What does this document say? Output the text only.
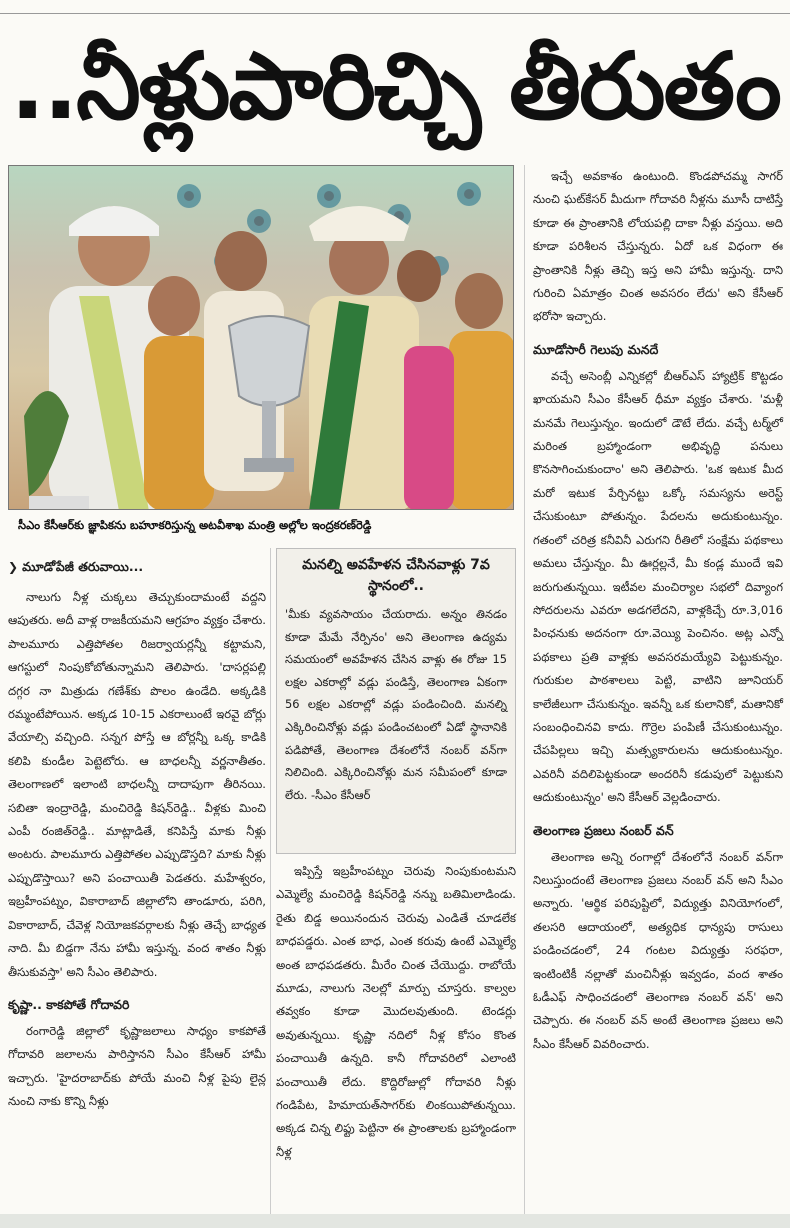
..నీళ్లుపారిచ్చి తీరుతం
సీఎం కేసీఆర్‌కు జ్ఞాపికను బహూకరిస్తున్న అటవీశాఖ మంత్రి అల్లోల ఇంద్రకరణ్‌రెడ్డి
❯ మూడోపేజీ తరువాయి...

నాలుగు నీళ్ల చుక్కలు తెచ్చుకుందామంటే వద్దని ఆపుతరు. అదీ వాళ్ల రాజకీయమని ఆగ్రహం వ్యక్తం చేశారు. పాలమూరు ఎత్తిపోతల రిజర్వాయర్లన్నీ కట్టామని, ఆగస్టులో నింపుకోబోతున్నామని తెలిపారు. 'దాసర్లపల్లి దగ్గర నా మిత్రుడు గణేశ్‌కు పొలం ఉండేది. అక్కడికి రమ్మంటేపోయిన. అక్కడ 10-15 ఎకరాలుంటే ఇరవై బోర్లు వేయాల్సి వచ్చింది. సన్నగ పోస్తే ఆ బోర్లన్నీ ఒక్క కాడికి కలిపి కుండీల పెట్టెటోరు. ఆ బాధలన్నీ వర్ణనాతీతం. తెలంగాణలో ఇలాంటి బాధలన్నీ దాదాపుగా తీరినయి. సబితా ఇంద్రారెడ్డి, మంచిరెడ్డి కిషన్‌రెడ్డి.. వీళ్లకు మించి ఎంపీ రంజిత్‌రెడ్డి.. మాట్లాడితే, కనిపిస్తే మాకు నీళ్లు అంటరు. పాలమూరు ఎత్తిపోతల ఎప్పుడొస్తది? మాకు నీళ్లు ఎప్పుడొస్తాయి? అని పంచాయితీ పెడతరు. మహేశ్వరం, ఇబ్రహీంపట్నం, వికారాబాద్ జిల్లాలోని తాండూరు, పరిగి, వికారాబాద్, చేవెళ్ల నియోజకవర్గాలకు నీళ్లు తెచ్చే బాధ్యత నాది. మీ బిడ్డగా నేను హామీ ఇస్తున్న. వంద శాతం నీళ్లు తీసుకువస్తా' అని సీఎం తెలిపారు.

కృష్ణా.. కాకపోతే గోదావరి

రంగారెడ్డి జిల్లాలో కృష్ణాజలాలు సాధ్యం కాకపోతే గోదావరి జలాలను పారిస్తానని సీఎం కేసీఆర్ హామీ ఇచ్చారు. 'హైదరాబాద్‌కు పోయే మంచి నీళ్ల పైపు లైన్ల నుంచి నాకు కొన్ని నీళ్లు

మనల్ని అవహేళన చేసినవాళ్లు 7వ స్థానంలో..
'మీకు వ్యవసాయం చేయరాదు. అన్నం తినడం కూడా మేమే నేర్పినం' అని తెలంగాణ ఉద్యమ సమయంలో అవహేళన చేసిన వాళ్లు ఈ రోజు 15 లక్షల ఎకరాల్లో వడ్లు పండిస్తే, తెలంగాణ ఏకంగా 56 లక్షల ఎకరాల్లో వడ్లు పండించింది. మనల్ని ఎక్కిరించినోళ్లు వడ్లు పండించటంలో ఏడో స్థానానికి పడిపోతే, తెలంగాణ దేశంలోనే నంబర్ వన్‌గా నిలిచింది. ఎక్కిరించినోళ్లు మన సమీపంలో కూడా లేరు. -సీఎం కేసీఆర్

ఇప్పిస్తే ఇబ్రహీంపట్నం చెరువు నింపుకుంటమని ఎమ్మెల్యే మంచిరెడ్డి కిషన్‌రెడ్డి నన్ను బతిమిలాడిండు. రైతు బిడ్డ అయినందున చెరువు ఎండితే చూడలేక బాధపడ్డరు. ఎంత బాధ, ఎంత కరువు ఉంటే ఎమ్మెల్యే అంత బాధపడతరు. మీరేం చింత చేయొద్దు. రాబోయే మూడు, నాలుగు నెలల్లో మార్పు చూస్తరు. కాల్వల తవ్వకం కూడా మొదలవుతుంది. టెండర్లు అవుతున్నయి. కృష్ణా నదిలో నీళ్ల కోసం కొంత పంచాయితీ ఉన్నది. కానీ గోదావరిలో ఎలాంటి పంచాయితీ లేదు. కొద్దిరోజుల్లో గోదావరి నీళ్లు గండిపేట, హిమాయత్‌సాగర్‌కు లింకయిపోతున్నయి. అక్కడ చిన్న లిఫ్టు పెట్టినా ఈ ప్రాంతాలకు బ్రహ్మాండంగా నీళ్ల

ఇచ్చే అవకాశం ఉంటుంది. కొండపోచమ్మ సాగర్ నుంచి ఘట్‌కేసర్ మీదుగా గోదావరి నీళ్లను మూసీ దాటిస్తే కూడా ఈ ప్రాంతానికి లోయపల్లి దాకా నీళ్లు వస్తయి. అది కూడా పరిశీలన చేస్తున్నరు. ఏదో ఒక విధంగా ఈ ప్రాంతానికి నీళ్లు తెచ్చి ఇస్త అని హామీ ఇస్తున్న. దాని గురించి ఏమాత్రం చింత అవసరం లేదు' అని కేసీఆర్ భరోసా ఇచ్చారు.

మూడోసారీ గెలుపు మనదే

వచ్చే అసెంబ్లీ ఎన్నికల్లో బీఆర్‌ఎస్ హ్యాట్రిక్ కొట్టడం ఖాయమని సీఎం కేసీఆర్ ధీమా వ్యక్తం చేశారు. 'మళ్లీ మనమే గెలుస్తున్నం. ఇందులో డౌటే లేదు. వచ్చే టర్మ్‌లో మరింత బ్రహ్మాండంగా అభివృద్ధి పనులు కొనసాగించుకుందాం' అని తెలిపారు. 'ఒక ఇటుక మీద మరో ఇటుక పేర్చినట్టు ఒక్కో సమస్యను అరెస్ట్ చేసుకుంటూ పోతున్నం. పేదలను అదుకుంటున్నం. గతంలో చరిత్ర కనీవినీ ఎరుగని రీతిలో సంక్షేమ పథకాలు అమలు చేస్తున్నం. మీ ఊర్లల్లనే, మీ కండ్ల ముందే ఇవి జరుగుతున్నయి. ఇటీవల మంచిర్యాల సభలో దివ్యాంగ సోదరులను ఎవరూ అడగలేదని, వాళ్లకిచ్చే రూ.3,016 పింఛనుకు అదనంగా రూ.వెయ్యి పెంచినం. అట్ల ఎన్నో పథకాలు ప్రతి వాళ్లకు అవసరమయ్యేవి పెట్టుకున్నం. గురుకుల పాఠశాలలు పెట్టి, వాటిని జూనియర్ కాలేజీలుగా చేసుకున్నం. ఇవన్నీ ఒక కులానికో, మతానికో సంబంధించినవి కాదు. గొర్రెల పంపిణీ చేసుకుంటున్నం. చేపపిల్లలు ఇచ్చి మత్స్యకారులను ఆదుకుంటున్నం. ఎవరినీ వదిలిపెట్టకుండా అందరినీ కడుపులో పెట్టుకుని ఆదుకుంటున్నం' అని కేసీఆర్ వెల్లడించారు.

తెలంగాణ ప్రజలు నంబర్ వన్

తెలంగాణ అన్ని రంగాల్లో దేశంలోనే నంబర్ వన్‌గా నిలుస్తుందంటే తెలంగాణ ప్రజలు నంబర్ వన్ అని సీఎం అన్నారు. 'ఆర్థిక పరిపుష్టిలో, విద్యుత్తు వినియోగంలో, తలసరి ఆదాయంలో, అత్యధిక ధాన్యపు రాసులు పండించడంలో, 24 గంటల విద్యుత్తు సరఫరా, ఇంటింటికీ నల్లాతో మంచినీళ్లు ఇవ్వడం, వంద శాతం ఓడీఎఫ్ సాధించడంలో తెలంగాణ నంబర్ వన్' అని చెప్పారు. ఈ నంబర్ వన్ అంటే తెలంగాణ ప్రజలు అని సీఎం కేసీఆర్ వివరించారు.
